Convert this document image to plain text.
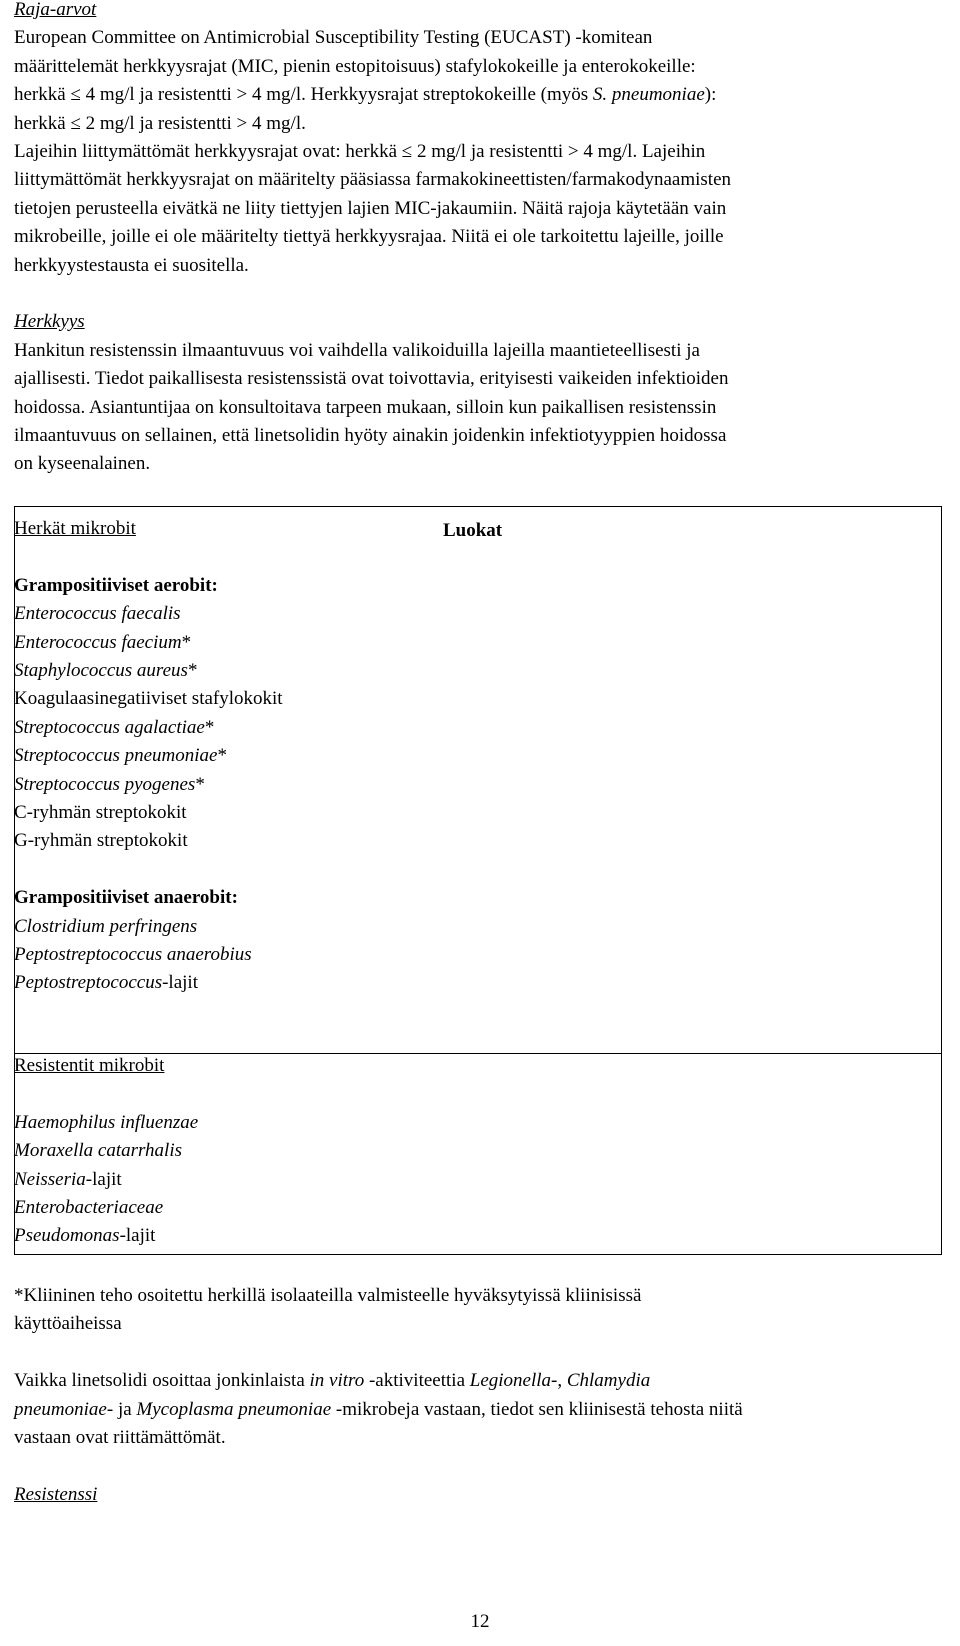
Raja-arvot
European Committee on Antimicrobial Susceptibility Testing (EUCAST) -komitean
määrittelemät herkkyysrajat (MIC, pienin estopitoisuus) stafylokokeille ja enterokokeille:
herkkä ≤ 4 mg/l ja resistentti > 4 mg/l. Herkkyysrajat streptokokeille (myös S. pneumoniae):
herkkä ≤ 2 mg/l ja resistentti > 4 mg/l.
Lajeihin liittymättömät herkkyysrajat ovat: herkkä ≤ 2 mg/l ja resistentti > 4 mg/l. Lajeihin
liittymättömät herkkyysrajat on määritelty pääsiassa farmakokineettisten/farmakodynaamisten
tietojen perusteella eivätkä ne liity tiettyjen lajien MIC-jakaumiin. Näitä rajoja käytetään vain
mikrobeille, joille ei ole määritelty tiettyä herkkyysrajaa. Niitä ei ole tarkoitettu lajeille, joille
herkkyystestausta ei suositella.
Herkkyys
Hankitun resistenssin ilmaantuvuus voi vaihdella valikoiduilla lajeilla maantieteellisesti ja
ajallisesti. Tiedot paikallisesta resistenssistä ovat toivottavia, erityisesti vaikeiden infektioiden
hoidossa. Asiantuntijaa on konsultoitava tarpeen mukaan, silloin kun paikallisen resistenssin
ilmaantuvuus on sellainen, että linetsolidin hyöty ainakin joidenkin infektiotyyppien hoidossa
on kyseenalainen.
Luokat
Herkät mikrobit
Grampositiiviset aerobit:
Enterococcus faecalis
Enterococcus faecium*
Staphylococcus aureus*
Koagulaasinegatiiviset stafylokokit
Streptococcus agalactiae*
Streptococcus pneumoniae*
Streptococcus pyogenes*
C-ryhmän streptokokit
G-ryhmän streptokokit
Grampositiiviset anaerobit:
Clostridium perfringens
Peptostreptococcus anaerobius
Peptostreptococcus-lajit
Resistentit mikrobit
Haemophilus influenzae
Moraxella catarrhalis
Neisseria-lajit
Enterobacteriaceae
Pseudomonas-lajit
*Kliininen teho osoitettu herkillä isolaateilla valmisteelle hyväksytyissä kliinisissä
käyttöaiheissa
Vaikka linetsolidi osoittaa jonkinlaista in vitro -aktiviteettia Legionella-, Chlamydia
pneumoniae- ja Mycoplasma pneumoniae -mikrobeja vastaan, tiedot sen kliinisestä tehosta niitä
vastaan ovat riittämättömät.
Resistenssi
12
